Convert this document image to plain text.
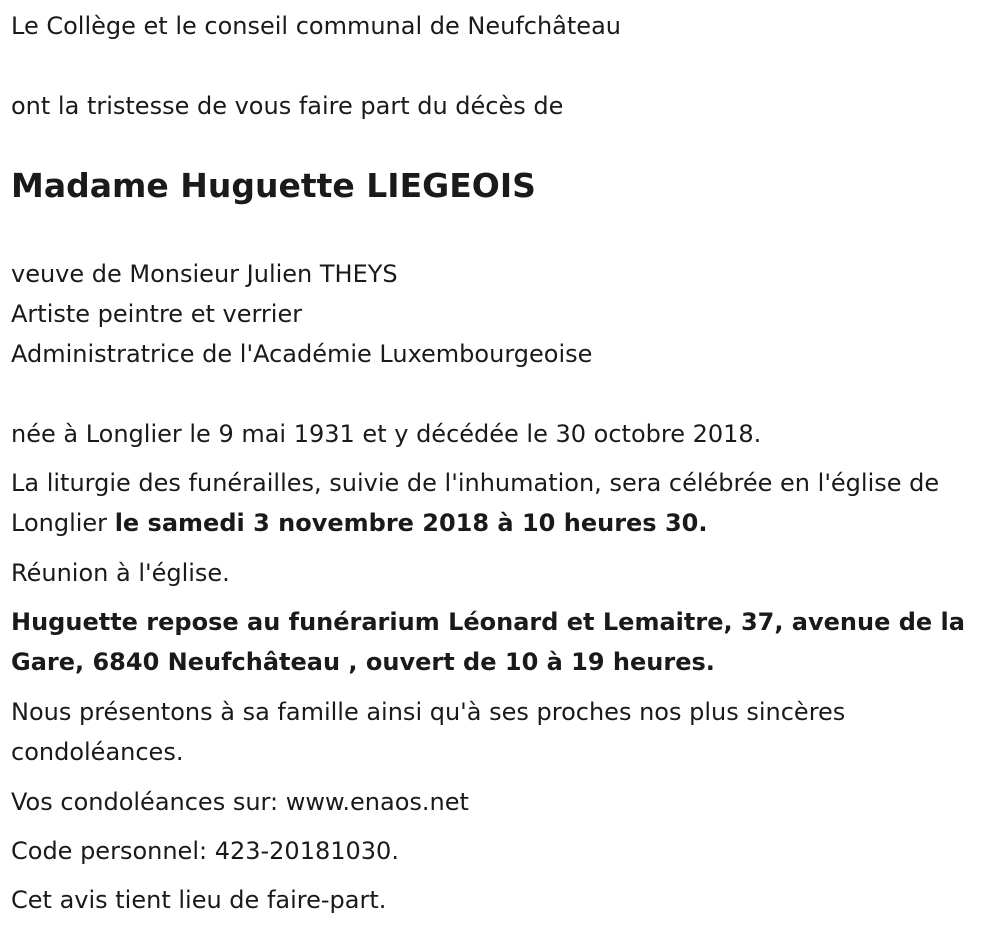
Le Collège et le conseil communal de Neufchâteau

ont la tristesse de vous faire part du décès de

Madame Huguette LIEGEOIS

veuve de Monsieur Julien THEYS

Artiste peintre et verrier

Administratrice de l'Académie Luxembourgeoise

née à Longlier le 9 mai 1931 et y décédée le 30 octobre 2018.

La liturgie des funérailles, suivie de l'inhumation, sera célébrée en l'église de Longlier le samedi 3 novembre 2018 à 10 heures 30.

Réunion à l'église.

Huguette repose au funérarium Léonard et Lemaitre, 37, avenue de la Gare, 6840 Neufchâteau , ouvert de 10 à 19 heures.

Nous présentons à sa famille ainsi qu'à ses proches nos plus sincères condoléances.

Vos condoléances sur: www.enaos.net

Code personnel: 423-20181030.

Cet avis tient lieu de faire-part.
